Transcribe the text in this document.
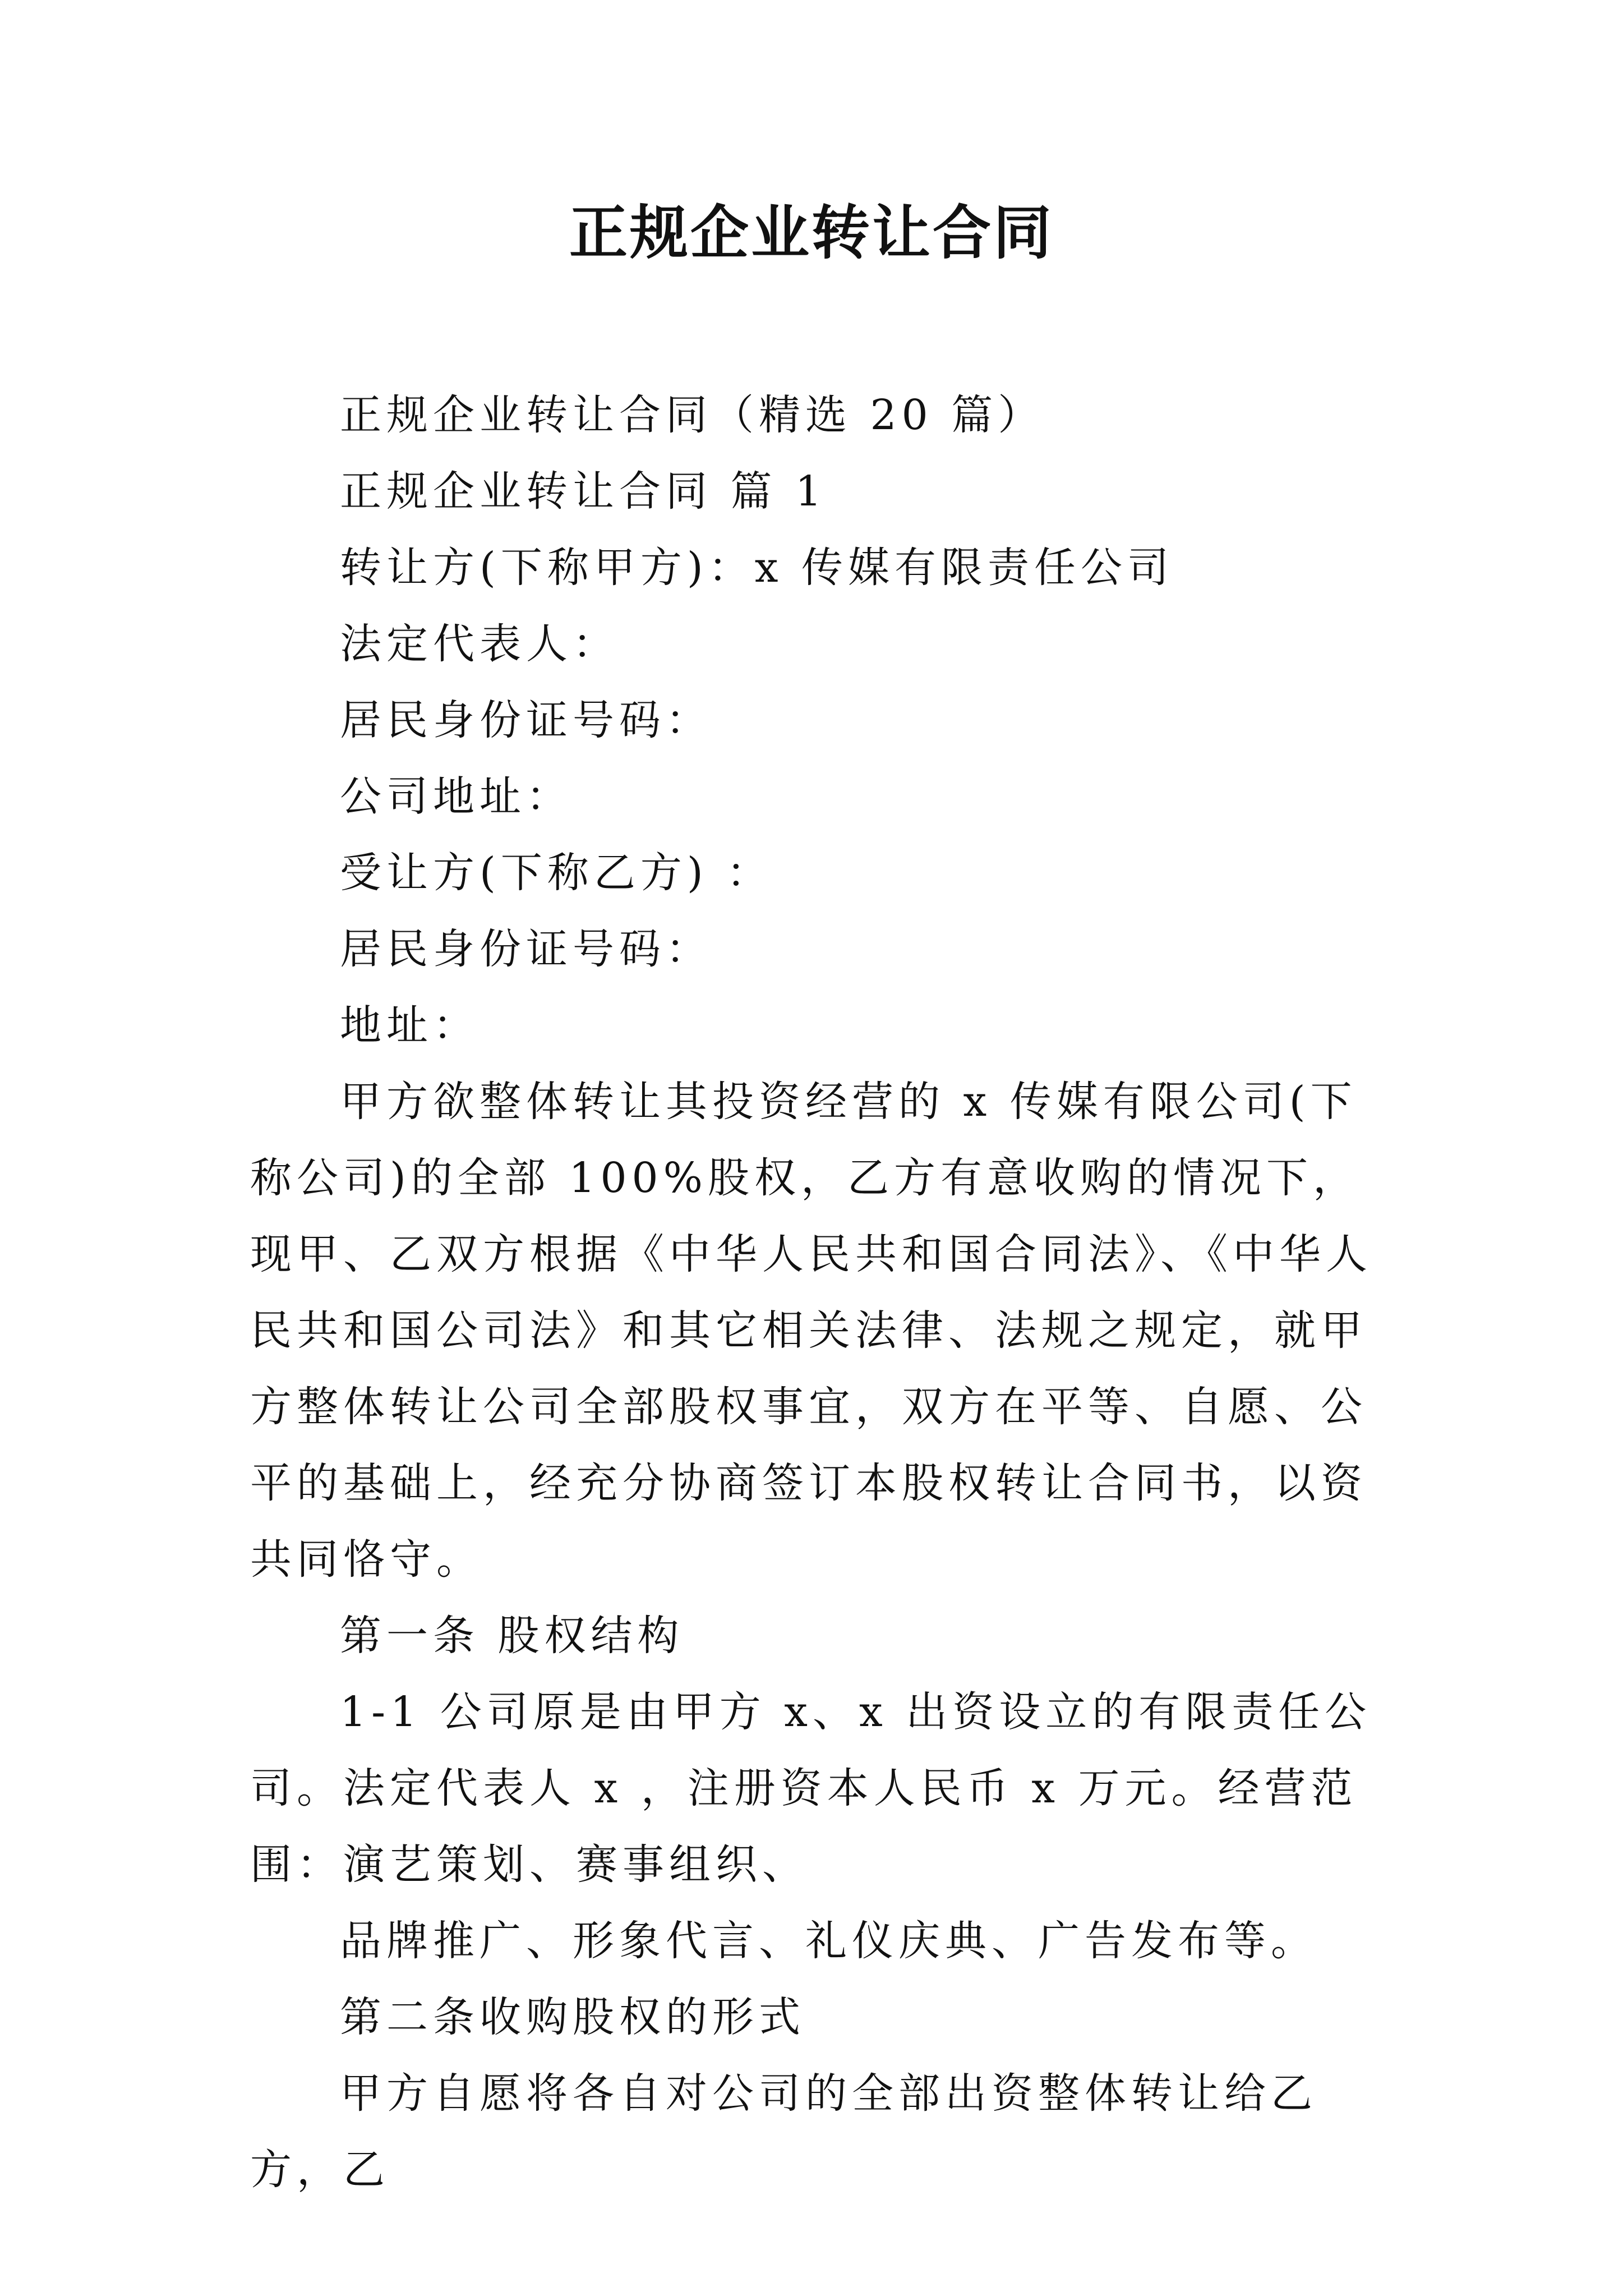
正规企业转让合同

正规企业转让合同（精选 20 篇）

正规企业转让合同 篇 1

转让方(下称甲方)：x 传媒有限责任公司

法定代表人：

居民身份证号码：

公司地址：

受让方(下称乙方) ：

居民身份证号码：

地址：

甲方欲整体转让其投资经营的 x 传媒有限公司(下称公司)的全部 100%股权，乙方有意收购的情况下，现甲、乙双方根据《中华人民共和国合同法》、《中华人民共和国公司法》和其它相关法律、法规之规定，就甲方整体转让公司全部股权事宜，双方在平等、自愿、公平的基础上，经充分协商签订本股权转让合同书，以资共同恪守。

第一条 股权结构

1-1 公司原是由甲方 x、x 出资设立的有限责任公司。法定代表人 x ，注册资本人民币 x 万元。经营范围：演艺策划、赛事组织、

品牌推广、形象代言、礼仪庆典、广告发布等。

第二条收购股权的形式

甲方自愿将各自对公司的全部出资整体转让给乙方，乙
